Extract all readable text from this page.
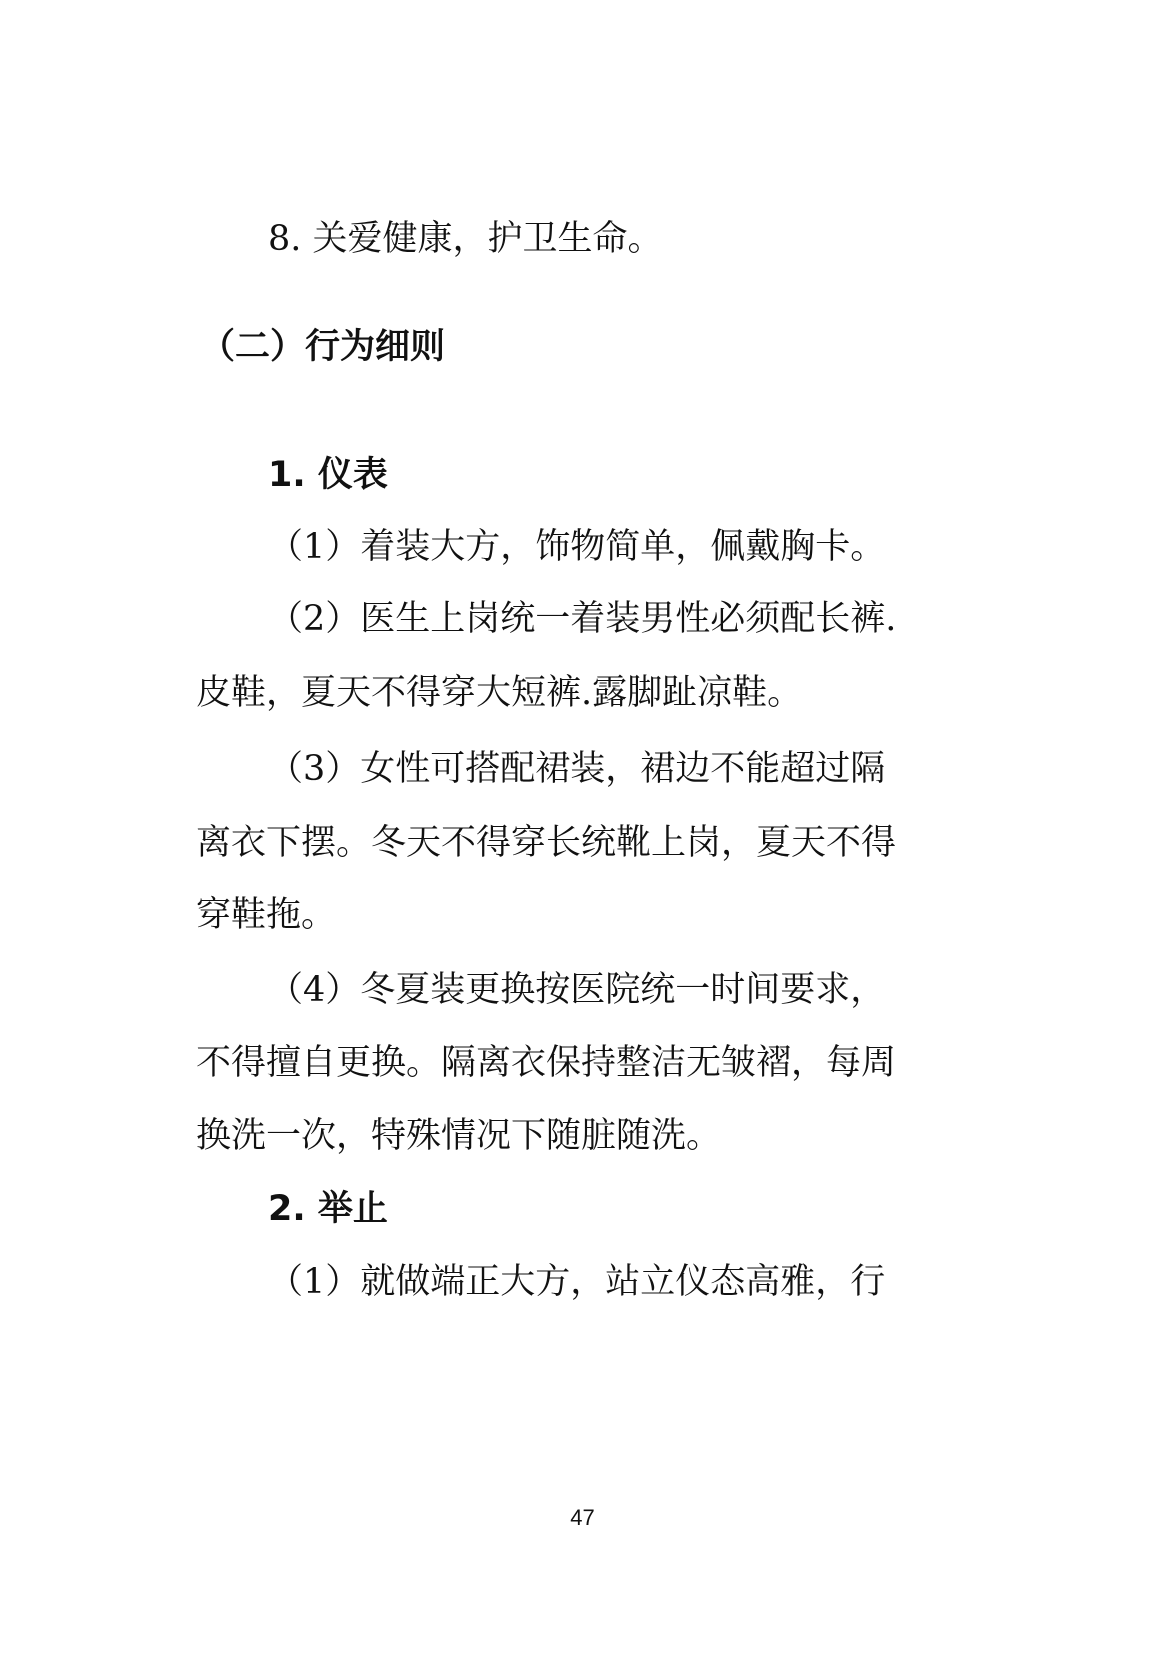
8. 关爱健康，护卫生命。
（二）行为细则
1. 仪表
（1）着装大方，饰物简单，佩戴胸卡。
（2）医生上岗统一着装男性必须配长裤.
皮鞋，夏天不得穿大短裤.露脚趾凉鞋。
（3）女性可搭配裙装，裙边不能超过隔
离衣下摆。冬天不得穿长统靴上岗，夏天不得
穿鞋拖。
（4）冬夏装更换按医院统一时间要求，
不得擅自更换。隔离衣保持整洁无皱褶，每周
换洗一次，特殊情况下随脏随洗。
2. 举止
（1）就做端正大方，站立仪态高雅，行
47
